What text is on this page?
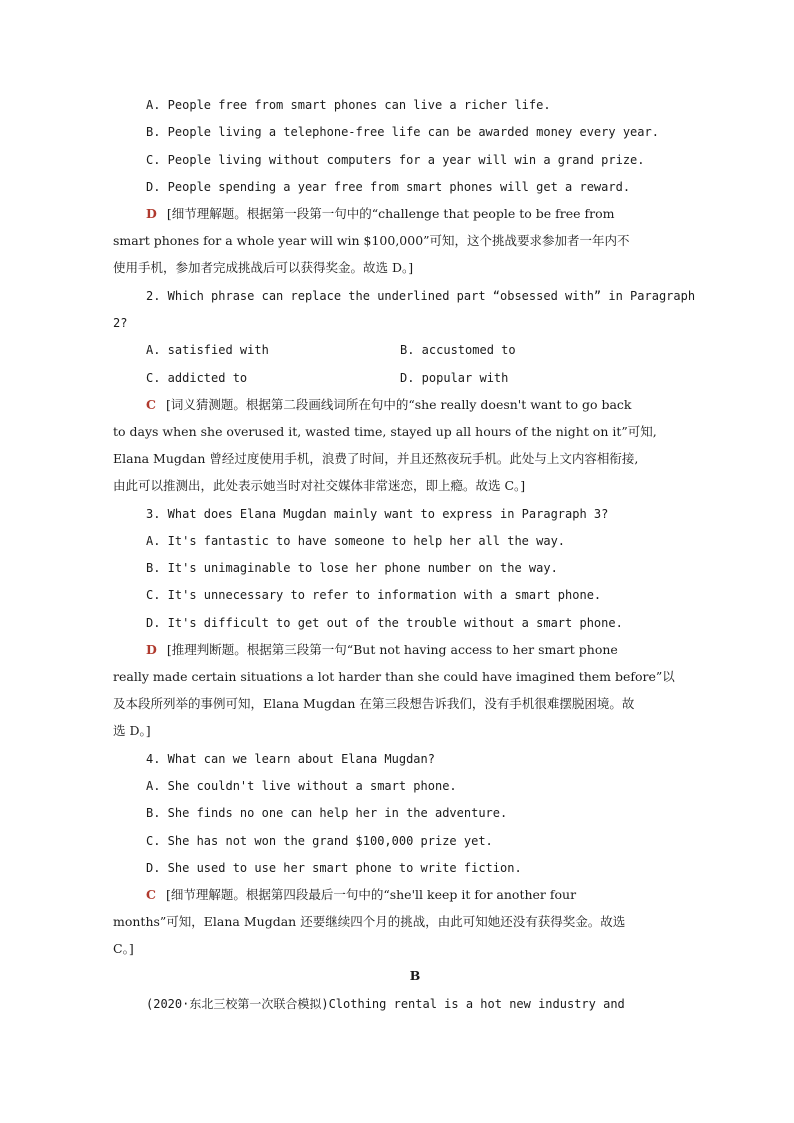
A. People free from smart phones can live a richer life.
B. People living a telephone-free life can be awarded money every year.
C. People living without computers for a year will win a grand prize.
D. People spending a year free from smart phones will get a reward.
D [细节理解题。根据第一段第一句中的“challenge that people to be free from
smart phones for a whole year will win $100,000”可知，这个挑战要求参加者一年内不
使用手机，参加者完成挑战后可以获得奖金。故选 D。]
2. Which phrase can replace the underlined part “obsessed with” in Paragraph
2?
A. satisfied with	B. accustomed to
C. addicted to	D. popular with
C [词义猜测题。根据第二段画线词所在句中的“she really doesn't want to go back
to days when she overused it, wasted time, stayed up all hours of the night on it”可知,
Elana Mugdan 曾经过度使用手机，浪费了时间，并且还熬夜玩手机。此处与上文内容相衔接,
由此可以推测出，此处表示她当时对社交媒体非常迷恋，即上瘾。故选 C。]
3. What does Elana Mugdan mainly want to express in Paragraph 3?
A. It's fantastic to have someone to help her all the way.
B. It's unimaginable to lose her phone number on the way.
C. It's unnecessary to refer to information with a smart phone.
D. It's difficult to get out of the trouble without a smart phone.
D [推理判断题。根据第三段第一句“But not having access to her smart phone
really made certain situations a lot harder than she could have imagined them before”以
及本段所列举的事例可知，Elana Mugdan 在第三段想告诉我们，没有手机很难摆脱困境。故
选 D。]
4. What can we learn about Elana Mugdan?
A. She couldn't live without a smart phone.
B. She finds no one can help her in the adventure.
C. She has not won the grand $100,000 prize yet.
D. She used to use her smart phone to write fiction.
C [细节理解题。根据第四段最后一句中的“she'll keep it for another four
months”可知，Elana Mugdan 还要继续四个月的挑战，由此可知她还没有获得奖金。故选
C。]
B
(2020·东北三校第一次联合模拟)Clothing rental is a hot new industry and
